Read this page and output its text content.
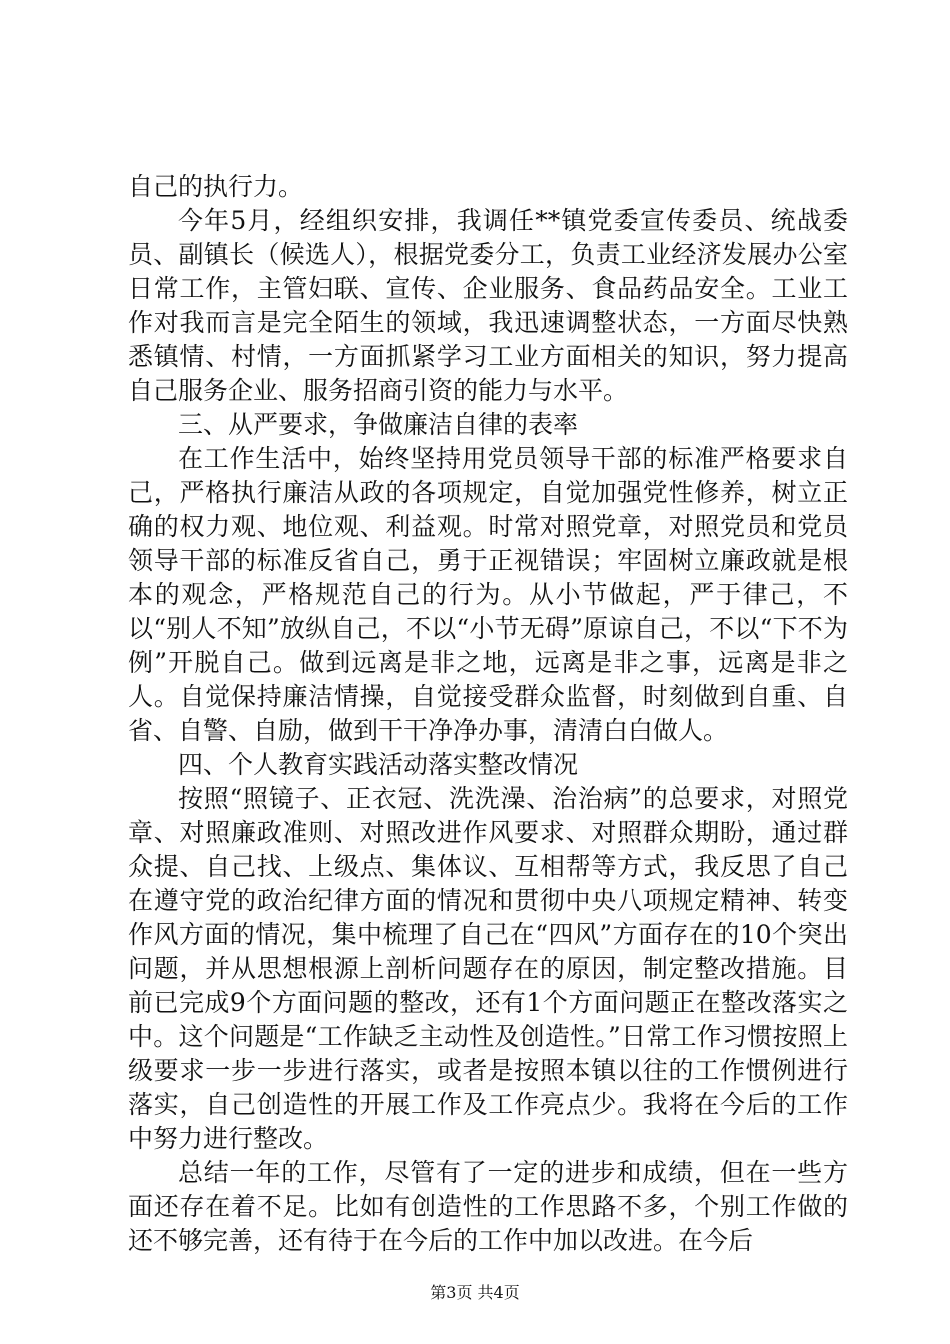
自己的执行力。

今年5月，经组织安排，我调任**镇党委宣传委员、统战委员、副镇长（候选人），根据党委分工，负责工业经济发展办公室日常工作，主管妇联、宣传、企业服务、食品药品安全。工业工作对我而言是完全陌生的领域，我迅速调整状态，一方面尽快熟悉镇情、村情，一方面抓紧学习工业方面相关的知识，努力提高自己服务企业、服务招商引资的能力与水平。

三、从严要求，争做廉洁自律的表率

在工作生活中，始终坚持用党员领导干部的标准严格要求自己，严格执行廉洁从政的各项规定，自觉加强党性修养，树立正确的权力观、地位观、利益观。时常对照党章，对照党员和党员领导干部的标准反省自己，勇于正视错误；牢固树立廉政就是根本的观念，严格规范自己的行为。从小节做起，严于律己，不以“别人不知”放纵自己，不以“小节无碍”原谅自己，不以“下不为例”开脱自己。做到远离是非之地，远离是非之事，远离是非之人。自觉保持廉洁情操，自觉接受群众监督，时刻做到自重、自省、自警、自励，做到干干净净办事，清清白白做人。

四、个人教育实践活动落实整改情况

按照“照镜子、正衣冠、洗洗澡、治治病”的总要求，对照党章、对照廉政准则、对照改进作风要求、对照群众期盼，通过群众提、自己找、上级点、集体议、互相帮等方式，我反思了自己在遵守党的政治纪律方面的情况和贯彻中央八项规定精神、转变作风方面的情况，集中梳理了自己在“四风”方面存在的10个突出问题，并从思想根源上剖析问题存在的原因，制定整改措施。目前已完成9个方面问题的整改，还有1个方面问题正在整改落实之中。这个问题是“工作缺乏主动性及创造性。”日常工作习惯按照上级要求一步一步进行落实，或者是按照本镇以往的工作惯例进行落实，自己创造性的开展工作及工作亮点少。我将在今后的工作中努力进行整改。

总结一年的工作，尽管有了一定的进步和成绩，但在一些方面还存在着不足。比如有创造性的工作思路不多，个别工作做的还不够完善，还有待于在今后的工作中加以改进。在今后

第3页 共4页
